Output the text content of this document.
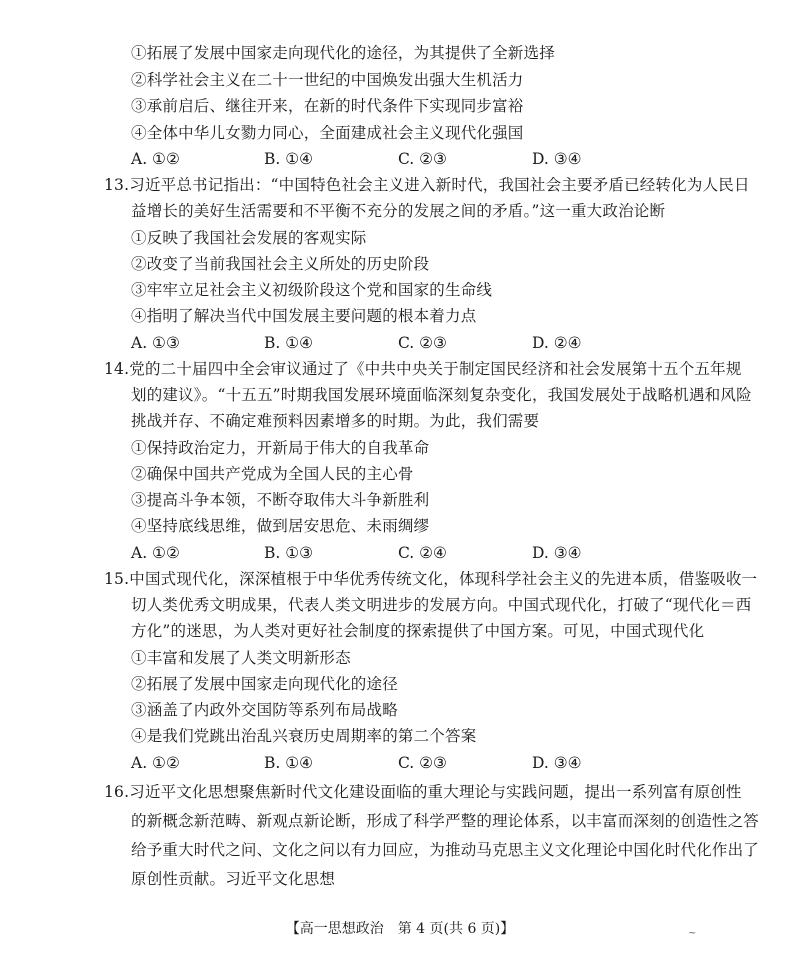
①拓展了发展中国家走向现代化的途径，为其提供了全新选择
②科学社会主义在二十一世纪的中国焕发出强大生机活力
③承前启后、继往开来，在新的时代条件下实现同步富裕
④全体中华儿女勠力同心，全面建成社会主义现代化强国
A. ①②	B. ①④	C. ②③	D. ③④
13.习近平总书记指出：“中国特色社会主义进入新时代，我国社会主要矛盾已经转化为人民日
益增长的美好生活需要和不平衡不充分的发展之间的矛盾。”这一重大政治论断
①反映了我国社会发展的客观实际
②改变了当前我国社会主义所处的历史阶段
③牢牢立足社会主义初级阶段这个党和国家的生命线
④指明了解决当代中国发展主要问题的根本着力点
A. ①③	B. ①④	C. ②③	D. ②④
14.党的二十届四中全会审议通过了《中共中央关于制定国民经济和社会发展第十五个五年规
划的建议》。“十五五”时期我国发展环境面临深刻复杂变化，我国发展处于战略机遇和风险
挑战并存、不确定难预料因素增多的时期。为此，我们需要
①保持政治定力，开新局于伟大的自我革命
②确保中国共产党成为全国人民的主心骨
③提高斗争本领，不断夺取伟大斗争新胜利
④坚持底线思维，做到居安思危、未雨绸缪
A. ①②	B. ①③	C. ②④	D. ③④
15.中国式现代化，深深植根于中华优秀传统文化，体现科学社会主义的先进本质，借鉴吸收一
切人类优秀文明成果，代表人类文明进步的发展方向。中国式现代化，打破了“现代化＝西
方化”的迷思，为人类对更好社会制度的探索提供了中国方案。可见，中国式现代化
①丰富和发展了人类文明新形态
②拓展了发展中国家走向现代化的途径
③涵盖了内政外交国防等系列布局战略
④是我们党跳出治乱兴衰历史周期率的第二个答案
A. ①②	B. ①④	C. ②③	D. ③④
16.习近平文化思想聚焦新时代文化建设面临的重大理论与实践问题，提出一系列富有原创性
的新概念新范畴、新观点新论断，形成了科学严整的理论体系，以丰富而深刻的创造性之答
给予重大时代之问、文化之问以有力回应，为推动马克思主义文化理论中国化时代化作出了
原创性贡献。习近平文化思想
【高一思想政治　第 4 页(共 6 页)】	~
